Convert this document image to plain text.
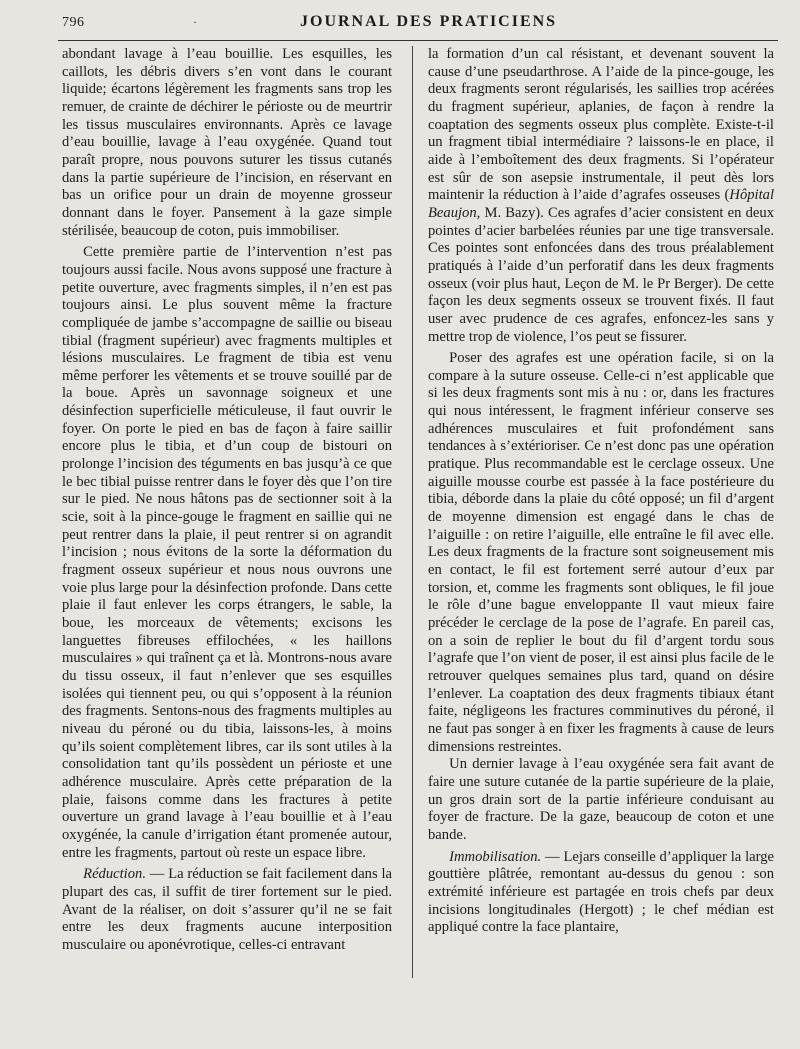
796	·	JOURNAL DES PRATICIENS

abondant lavage à l’eau bouillie. Les esquilles, les caillots, les débris divers s’en vont dans le courant liquide; écartons légèrement les fragments sans trop les remuer, de crainte de déchirer le périoste ou de meurtrir les tissus musculaires environnants. Après ce lavage d’eau bouillie, lavage à l’eau oxygénée. Quand tout paraît propre, nous pouvons suturer les tissus cutanés dans la partie supérieure de l’incision, en réservant en bas un orifice pour un drain de moyenne grosseur donnant dans le foyer. Pansement à la gaze simple stérilisée, beaucoup de coton, puis immobiliser.

Cette première partie de l’intervention n’est pas toujours aussi facile. Nous avons supposé une fracture à petite ouverture, avec fragments simples, il n’en est pas toujours ainsi. Le plus souvent même la fracture compliquée de jambe s’accompagne de saillie ou biseau tibial (fragment supérieur) avec fragments multiples et lésions musculaires. Le fragment de tibia est venu même perforer les vêtements et se trouve souillé par de la boue. Après un savonnage soigneux et une désinfection superficielle méticuleuse, il faut ouvrir le foyer. On porte le pied en bas de façon à faire saillir encore plus le tibia, et d’un coup de bistouri on prolonge l’incision des téguments en bas jusqu’à ce que le bec tibial puisse rentrer dans le foyer dès que l’on tire sur le pied. Ne nous hâtons pas de sectionner soit à la scie, soit à la pince-gouge le fragment en saillie qui ne peut rentrer dans la plaie, il peut rentrer si on agrandit l’incision ; nous évitons de la sorte la déformation du fragment osseux supérieur et nous nous ouvrons une voie plus large pour la désinfection profonde. Dans cette plaie il faut enlever les corps étrangers, le sable, la boue, les morceaux de vêtements; excisons les languettes fibreuses effilochées, « les haillons musculaires » qui traînent ça et là. Montrons-nous avare du tissu osseux, il faut n’enlever que ses esquilles isolées qui tiennent peu, ou qui s’opposent à la réunion des fragments. Sentons-nous des fragments multiples au niveau du péroné ou du tibia, laissons-les, à moins qu’ils soient complètement libres, car ils sont utiles à la consolidation tant qu’ils possèdent un périoste et une adhérence musculaire. Après cette préparation de la plaie, faisons comme dans les fractures à petite ouverture un grand lavage à l’eau bouillie et à l’eau oxygénée, la canule d’irrigation étant promenée autour, entre les fragments, partout où reste un espace libre.

Réduction. — La réduction se fait facilement dans la plupart des cas, il suffit de tirer fortement sur le pied. Avant de la réaliser, on doit s’assurer qu’il ne se fait entre les deux fragments aucune interposition musculaire ou aponévrotique, celles-ci entravant

la formation d’un cal résistant, et devenant souvent la cause d’une pseudarthrose. A l’aide de la pince-gouge, les deux fragments seront régularisés, les saillies trop acérées du fragment supérieur, aplanies, de façon à rendre la coaptation des segments osseux plus complète. Existe-t-il un fragment tibial intermédiaire ? laissons-le en place, il aide à l’emboîtement des deux fragments. Si l’opérateur est sûr de son asepsie instrumentale, il peut dès lors maintenir la réduction à l’aide d’agrafes osseuses (Hôpital Beaujon, M. Bazy). Ces agrafes d’acier consistent en deux pointes d’acier barbelées réunies par une tige transversale. Ces pointes sont enfoncées dans des trous préalablement pratiqués à l’aide d’un perforatif dans les deux fragments osseux (voir plus haut, Leçon de M. le Pr Berger). De cette façon les deux segments osseux se trouvent fixés. Il faut user avec prudence de ces agrafes, enfoncez-les sans y mettre trop de violence, l’os peut se fissurer.

Poser des agrafes est une opération facile, si on la compare à la suture osseuse. Celle-ci n’est applicable que si les deux fragments sont mis à nu : or, dans les fractures qui nous intéressent, le fragment inférieur conserve ses adhérences musculaires et fuit profondément sans tendances à s’extérioriser. Ce n’est donc pas une opération pratique. Plus recommandable est le cerclage osseux. Une aiguille mousse courbe est passée à la face postérieure du tibia, déborde dans la plaie du côté opposé; un fil d’argent de moyenne dimension est engagé dans le chas de l’aiguille : on retire l’aiguille, elle entraîne le fil avec elle. Les deux fragments de la fracture sont soigneusement mis en contact, le fil est fortement serré autour d’eux par torsion, et, comme les fragments sont obliques, le fil joue le rôle d’une bague enveloppante Il vaut mieux faire précéder le cerclage de la pose de l’agrafe. En pareil cas, on a soin de replier le bout du fil d’argent tordu sous l’agrafe que l’on vient de poser, il est ainsi plus facile de le retrouver quelques semaines plus tard, quand on désire l’enlever. La coaptation des deux fragments tibiaux étant faite, négligeons les fractures comminutives du péroné, il ne faut pas songer à en fixer les fragments à cause de leurs dimensions restreintes.

Un dernier lavage à l’eau oxygénée sera fait avant de faire une suture cutanée de la partie supérieure de la plaie, un gros drain sort de la partie inférieure conduisant au foyer de fracture. De la gaze, beaucoup de coton et une bande.

Immobilisation. — Lejars conseille d’appliquer la large gouttière plâtrée, remontant au-dessus du genou : son extrémité inférieure est partagée en trois chefs par deux incisions longitudinales (Hergott) ; le chef médian est appliqué contre la face plantaire,
